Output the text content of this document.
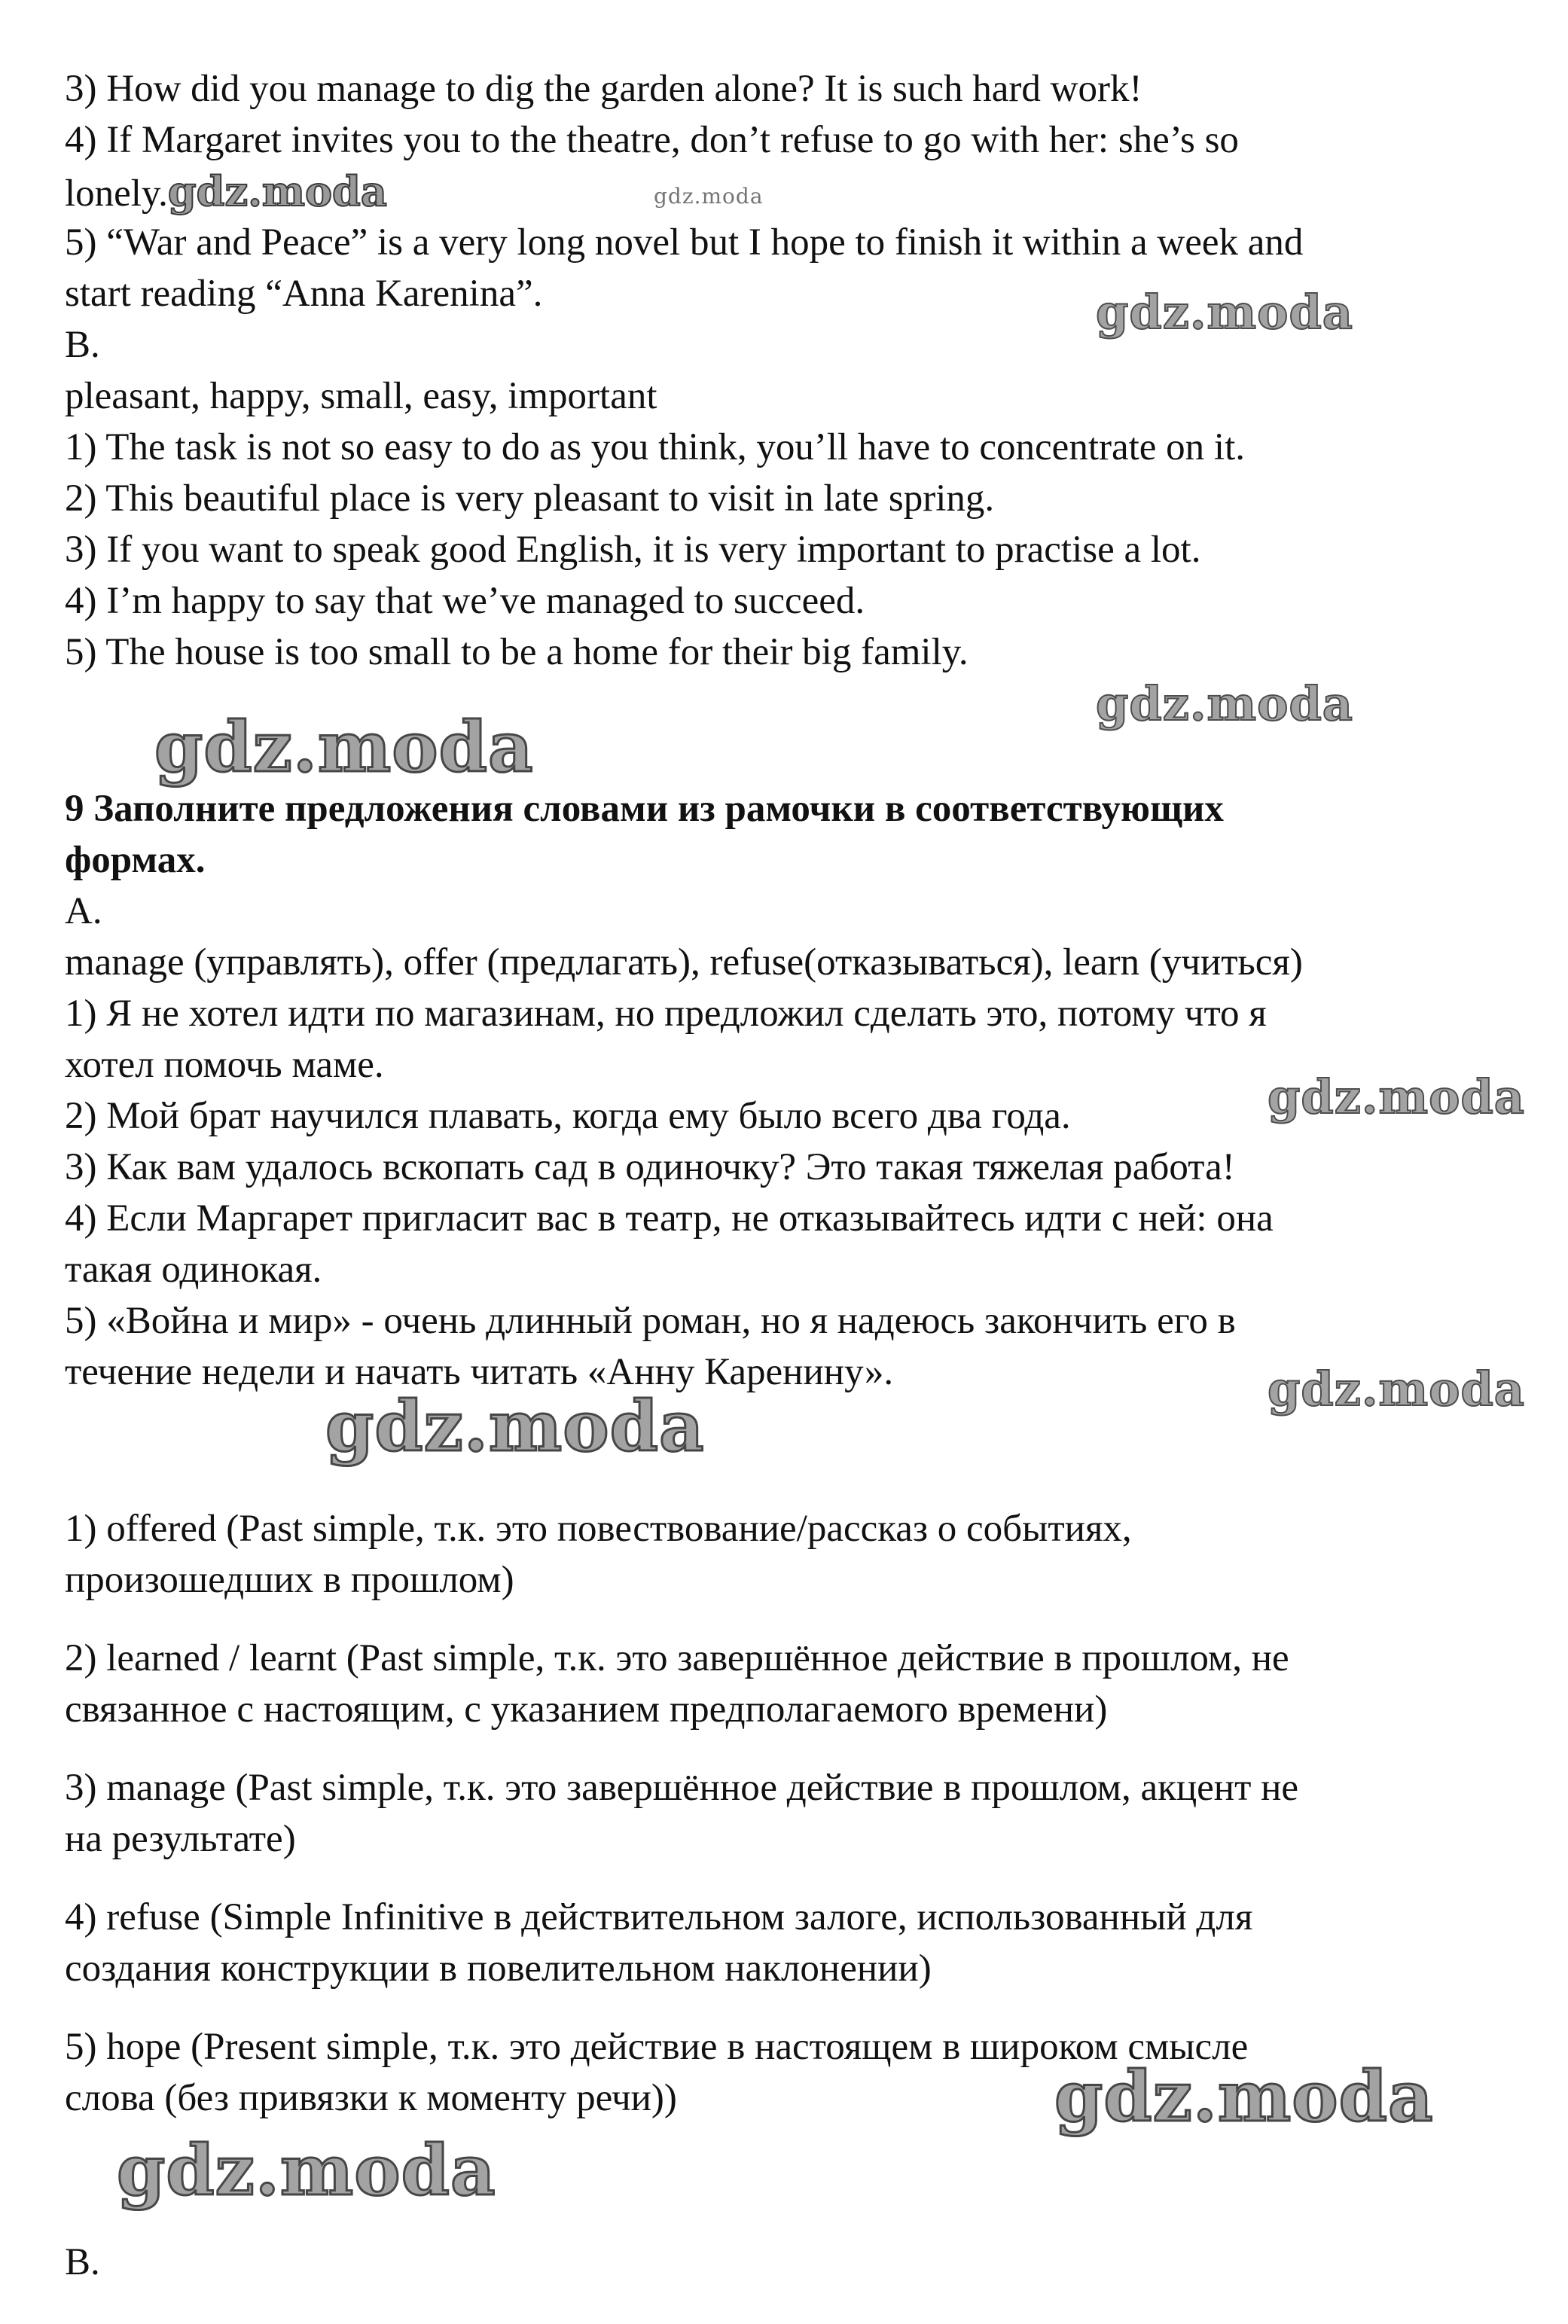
3) How did you manage to dig the garden alone? It is such hard work!

4) If Margaret invites you to the theatre, don’t refuse to go with her: she’s so

lonely.gdz.moda	gdz.moda

5) “War and Peace” is a very long novel but I hope to finish it within a week and

start reading “Anna Karenina”.	gdz.moda

B.

pleasant, happy, small, easy, important

1) The task is not so easy to do as you think, you’ll have to concentrate on it.

2) This beautiful place is very pleasant to visit in late spring.

3) If you want to speak good English, it is very important to practise a lot.

4) I’m happy to say that we’ve managed to succeed.

5) The house is too small to be a home for their big family.

gdz.moda
gdz.moda

9 Заполните предложения словами из рамочки в соответствующих

формах.

А.

manage (управлять), offer (предлагать), refuse(отказываться), learn (учиться)

1) Я не хотел идти по магазинам, но предложил сделать это, потому что я

хотел помочь маме.

2) Мой брат научился плавать, когда ему было всего два года.	gdz.moda

3) Как вам удалось вскопать сад в одиночку? Это такая тяжелая работа!

4) Если Маргарет пригласит вас в театр, не отказывайтесь идти с ней: она

такая одинокая.

5) «Война и мир» - очень длинный роман, но я надеюсь закончить его в

течение недели и начать читать «Анну Каренину».	gdz.moda
gdz.moda

1) offered (Past simple, т.к. это повествование/рассказ о событиях,

произошедших в прошлом)

2) learned / learnt (Past simple, т.к. это завершённое действие в прошлом, не

связанное с настоящим, с указанием предполагаемого времени)

3) manage (Past simple, т.к. это завершённое действие в прошлом, акцент не

на результате)

4) refuse (Simple Infinitive в действительном залоге, использованный для

создания конструкции в повелительном наклонении)

5) hope (Present simple, т.к. это действие в настоящем в широком смысле

слова (без привязки к моменту речи))	gdz.moda
gdz.moda

B.
